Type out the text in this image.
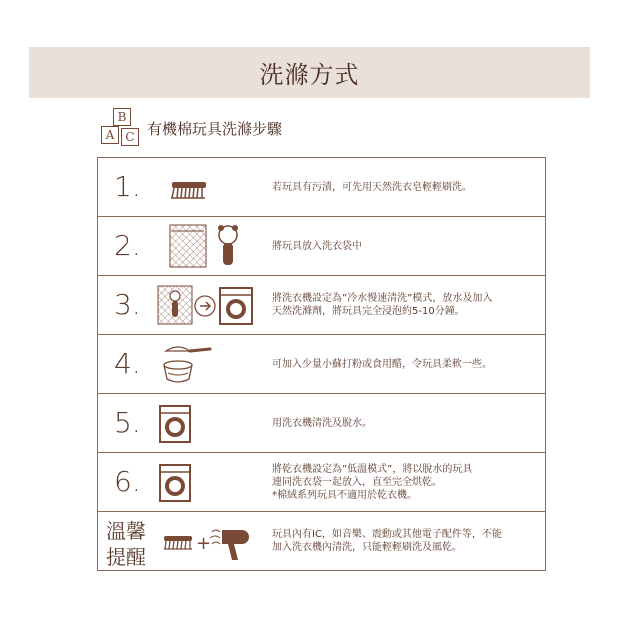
洗滌方式
B
A C 有機棉玩具洗滌步驟
1.	若玩具有污漬，可先用天然洗衣皂輕輕刷洗。
2.	將玩具放入洗衣袋中
3.	將洗衣機設定為”冷水慢速清洗”模式，放水及加入
天然洗滌劑，將玩具完全浸泡約5-10分鐘。
4.	可加入少量小蘇打粉或食用醋，令玩具柔軟一些。
5.	用洗衣機清洗及脫水。
6.	將乾衣機設定為”低溫模式”，將以脫水的玩具
連同洗衣袋一起放入，直至完全烘乾。
*棉絨系列玩具不適用於乾衣機。
溫馨
提醒
+	玩具內有IC，如音樂、震動或其他電子配件等，不能
加入洗衣機內清洗，只能輕輕刷洗及風乾。
